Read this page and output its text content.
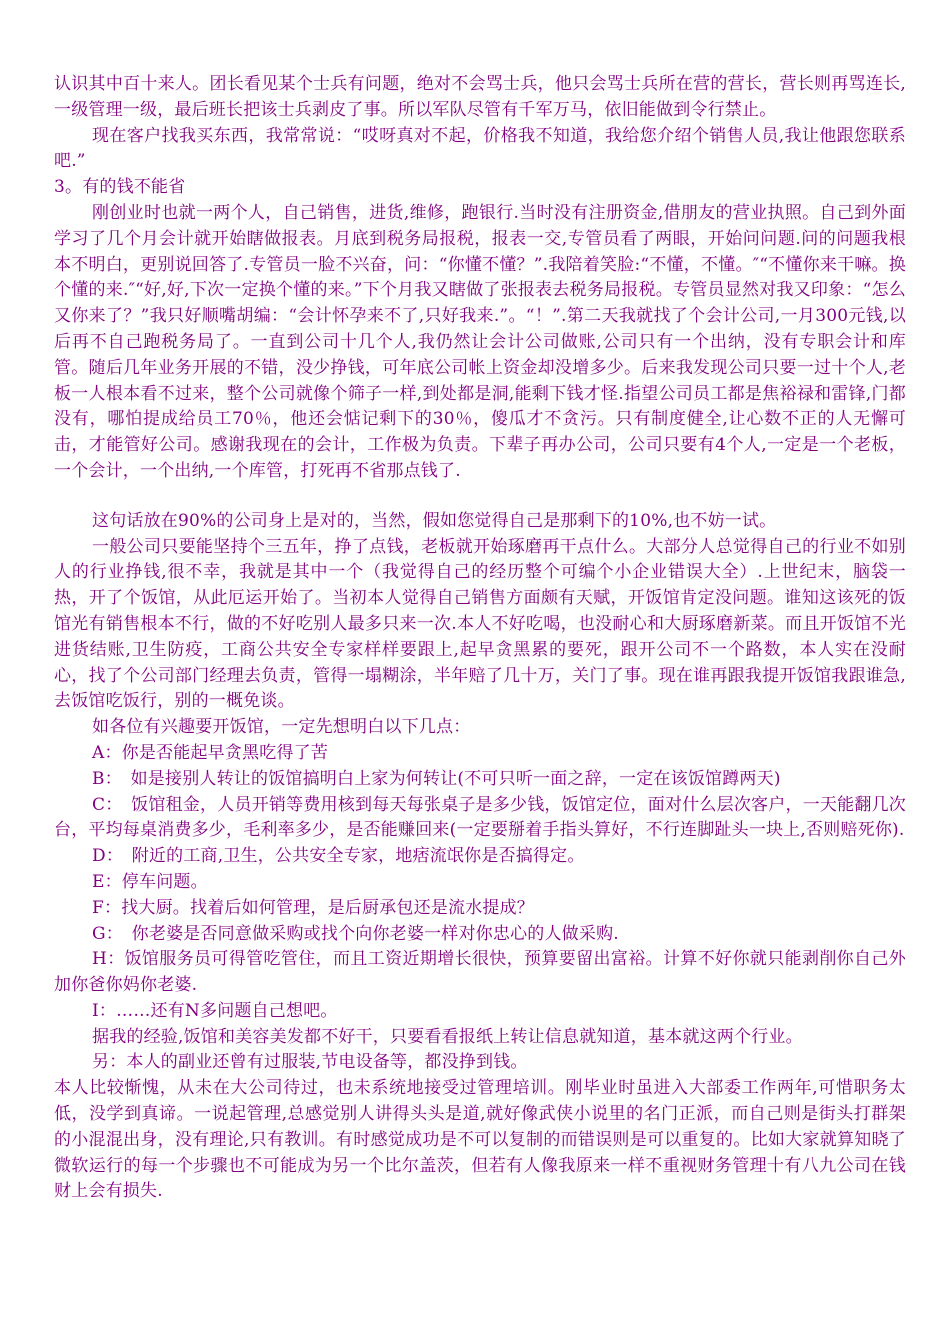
认识其中百十来人。团长看见某个士兵有问题，绝对不会骂士兵，他只会骂士兵所在营的营长，营长则再骂连长,一级管理一级，最后班长把该士兵剥皮了事。所以军队尽管有千军万马，依旧能做到令行禁止。

现在客户找我买东西，我常常说：“哎呀真对不起，价格我不知道，我给您介绍个销售人员,我让他跟您联系吧.”

3。有的钱不能省

刚创业时也就一两个人，自己销售，进货,维修，跑银行.当时没有注册资金,借朋友的营业执照。自己到外面学习了几个月会计就开始瞎做报表。月底到税务局报税，报表一交,专管员看了两眼，开始问问题.问的问题我根本不明白，更别说回答了.专管员一脸不兴奋，问：“你懂不懂？”.我陪着笑脸:“不懂，不懂。″“不懂你来干嘛。换个懂的来.″“好,好,下次一定换个懂的来。”下个月我又瞎做了张报表去税务局报税。专管员显然对我又印象：“怎么又你来了？”我只好顺嘴胡编：“会计怀孕来不了,只好我来.”。“！”.第二天我就找了个会计公司,一月300元钱,以后再不自己跑税务局了。一直到公司十几个人,我仍然让会计公司做账,公司只有一个出纳，没有专职会计和库管。随后几年业务开展的不错，没少挣钱，可年底公司帐上资金却没增多少。后来我发现公司只要一过十个人,老板一人根本看不过来，整个公司就像个筛子一样,到处都是洞,能剩下钱才怪.指望公司员工都是焦裕禄和雷锋,门都没有，哪怕提成给员工70％，他还会惦记剩下的30％，傻瓜才不贪污。只有制度健全,让心数不正的人无懈可击，才能管好公司。感谢我现在的会计，工作极为负责。下辈子再办公司，公司只要有4个人,一定是一个老板，一个会计，一个出纳,一个库管，打死再不省那点钱了.

这句话放在90%的公司身上是对的，当然，假如您觉得自己是那剩下的10%,也不妨一试。

一般公司只要能坚持个三五年，挣了点钱，老板就开始琢磨再干点什么。大部分人总觉得自己的行业不如别人的行业挣钱,很不幸，我就是其中一个（我觉得自己的经历整个可编个小企业错误大全）.上世纪末，脑袋一热，开了个饭馆，从此厄运开始了。当初本人觉得自己销售方面颇有天赋，开饭馆肯定没问题。谁知这该死的饭馆光有销售根本不行，做的不好吃别人最多只来一次.本人不好吃喝，也没耐心和大厨琢磨新菜。而且开饭馆不光进货结账,卫生防疫，工商公共安全专家样样要跟上,起早贪黑累的要死，跟开公司不一个路数，本人实在没耐心，找了个公司部门经理去负责，管得一塌糊涂，半年赔了几十万，关门了事。现在谁再跟我提开饭馆我跟谁急,去饭馆吃饭行，别的一概免谈。

如各位有兴趣要开饭馆，一定先想明白以下几点：

A：你是否能起早贪黑吃得了苦

B：　如是接别人转让的饭馆搞明白上家为何转让(不可只听一面之辞，一定在该饭馆蹲两天)

C：　饭馆租金，人员开销等费用核到每天每张桌子是多少钱，饭馆定位，面对什么层次客户，一天能翻几次台，平均每桌消费多少，毛利率多少，是否能赚回来(一定要掰着手指头算好，不行连脚趾头一块上,否则赔死你).

D：　附近的工商,卫生，公共安全专家，地痞流氓你是否搞得定。

E：停车问题。

F：找大厨。找着后如何管理，是后厨承包还是流水提成？

G：　你老婆是否同意做采购或找个向你老婆一样对你忠心的人做采购.

H：饭馆服务员可得管吃管住，而且工资近期增长很快，预算要留出富裕。计算不好你就只能剥削你自己外加你爸你妈你老婆.

I：……还有N多问题自己想吧。

据我的经验,饭馆和美容美发都不好干，只要看看报纸上转让信息就知道，基本就这两个行业。

另：本人的副业还曾有过服装,节电设备等，都没挣到钱。

本人比较惭愧，从未在大公司待过，也未系统地接受过管理培训。刚毕业时虽进入大部委工作两年,可惜职务太低，没学到真谛。一说起管理,总感觉别人讲得头头是道,就好像武侠小说里的名门正派，而自己则是街头打群架的小混混出身，没有理论,只有教训。有时感觉成功是不可以复制的而错误则是可以重复的。比如大家就算知晓了微软运行的每一个步骤也不可能成为另一个比尔盖茨，但若有人像我原来一样不重视财务管理十有八九公司在钱财上会有损失.
